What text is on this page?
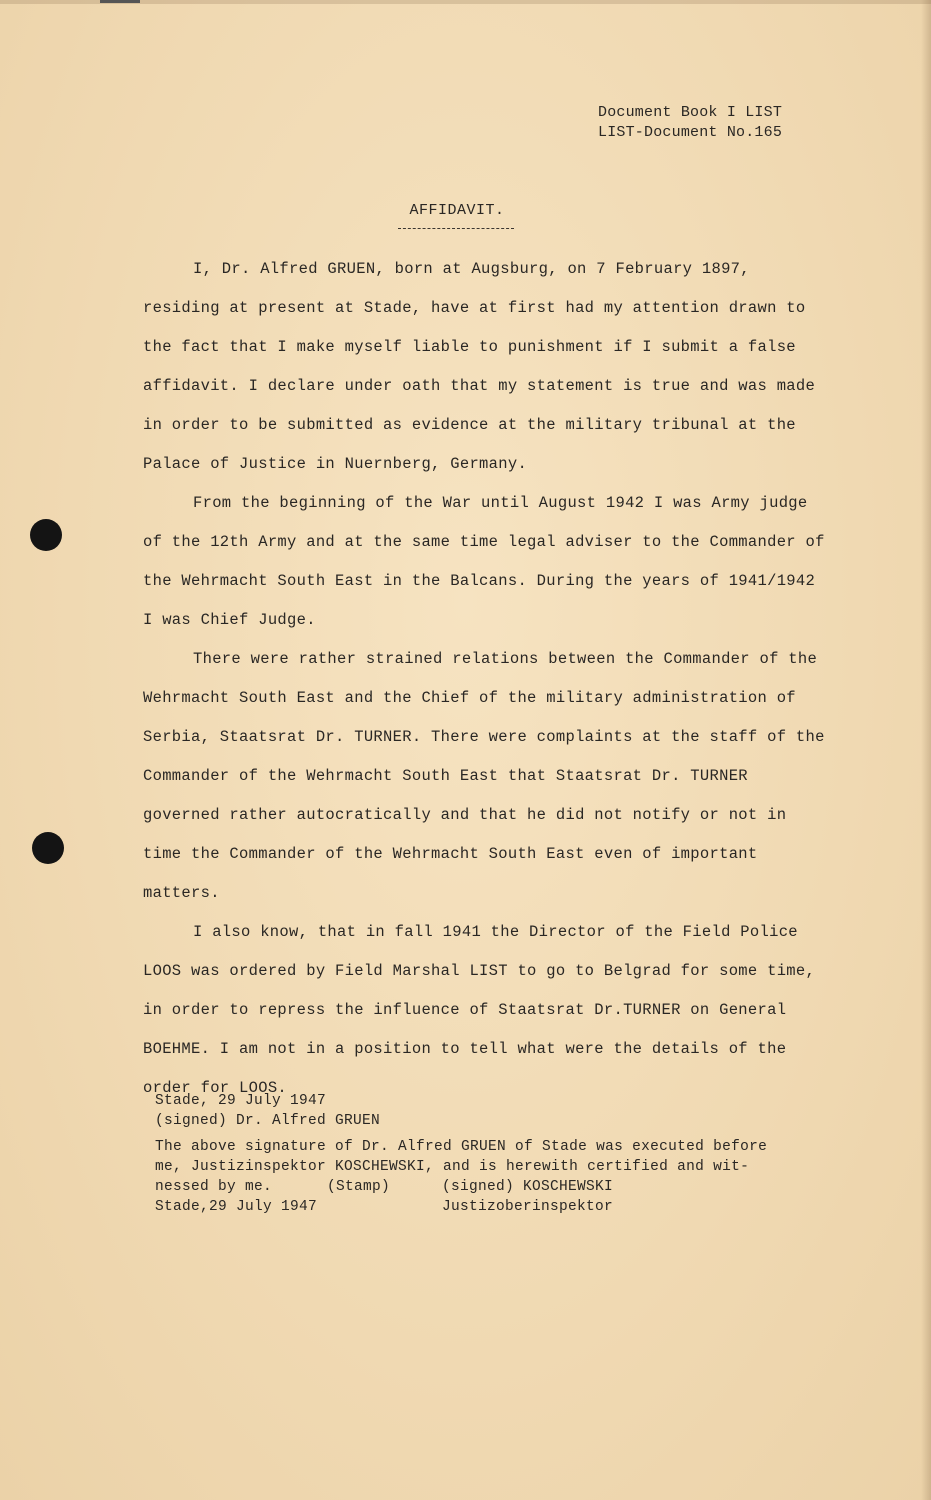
Document Book I LIST
LIST-Document No.165
AFFIDAVIT.

I, Dr. Alfred GRUEN, born at Augsburg, on 7 February 1897, residing at present at Stade, have at first had my attention drawn to the fact that I make myself liable to punishment if I submit a false affidavit. I declare under oath that my statement is true and was made in order to be submitted as evidence at the military tribunal at the Palace of Justice in Nuernberg, Germany.

From the beginning of the War until August 1942 I was Army judge of the 12th Army and at the same time legal adviser to the Commander of the Wehrmacht South East in the Balcans. During the years of 1941/1942 I was Chief Judge.

There were rather strained relations between the Commander of the Wehrmacht South East and the Chief of the military administration of Serbia, Staatsrat Dr. TURNER. There were complaints at the staff of the Commander of the Wehrmacht South East that Staatsrat Dr. TURNER governed rather autocratically and that he did not notify or not in time the Commander of the Wehrmacht South East even of important matters.

I also know, that in fall 1941 the Director of the Field Police LOOS was ordered by Field Marshal LIST to go to Belgrad for some time, in order to repress the influence of Staatsrat Dr.TURNER on General BOEHME. I am not in a position to tell what were the details of the order for LOOS.

Stade, 29 July 1947
(signed) Dr. Alfred GRUEN
The above signature of Dr. Alfred GRUEN of Stade was executed before
me, Justizinspektor KOSCHEWSKI, and is herewith certified and wit-
nessed by me.	(Stamp)	(signed) KOSCHEWSKI
Stade,29 July 1947	Justizoberinspektor
